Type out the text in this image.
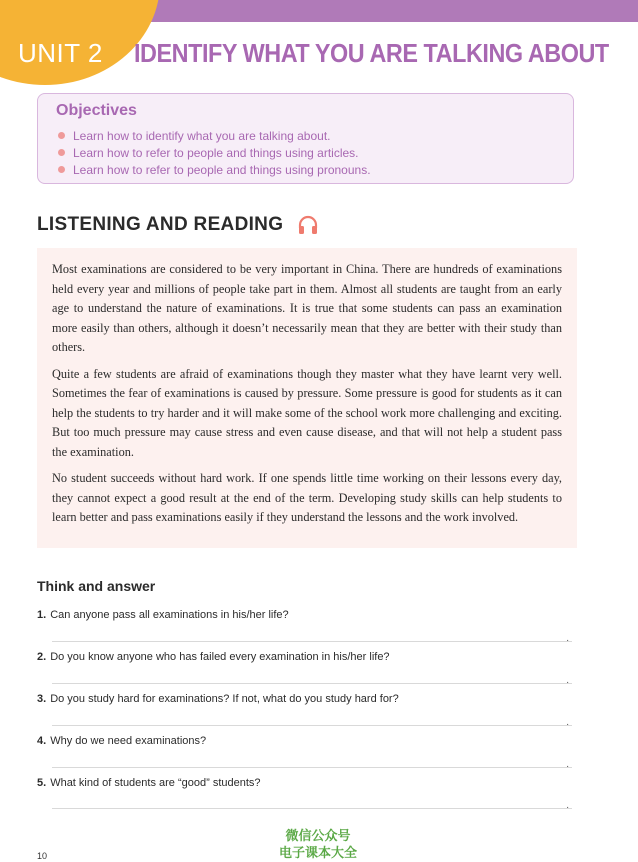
UNIT 2 IDENTIFY WHAT YOU ARE TALKING ABOUT
Objectives
Learn how to identify what you are talking about.
Learn how to refer to people and things using articles.
Learn how to refer to people and things using pronouns.
LISTENING AND READING

Most examinations are considered to be very important in China. There are hundreds of examinations held every year and millions of people take part in them. Almost all students are taught from an early age to understand the nature of examinations. It is true that some students can pass an examination more easily than others, although it doesn’t necessarily mean that they are better with their study than others.

Quite a few students are afraid of examinations though they master what they have learnt very well. Sometimes the fear of examinations is caused by pressure. Some pressure is good for students as it can help the students to try harder and it will make some of the school work more challenging and exciting. But too much pressure may cause stress and even cause disease, and that will not help a student pass the examination.

No student succeeds without hard work. If one spends little time working on their lessons every day, they cannot expect a good result at the end of the term. Developing study skills can help students to learn better and pass examinations easily if they understand the lessons and the work involved.

Think and answer
1. Can anyone pass all examinations in his/her life?
.
2. Do you know anyone who has failed every examination in his/her life?
.
3. Do you study hard for examinations? If not, what do you study hard for?
.
4. Why do we need examinations?
.
5. What kind of students are “good” students?
.
10
微信公众号
电子课本大全
